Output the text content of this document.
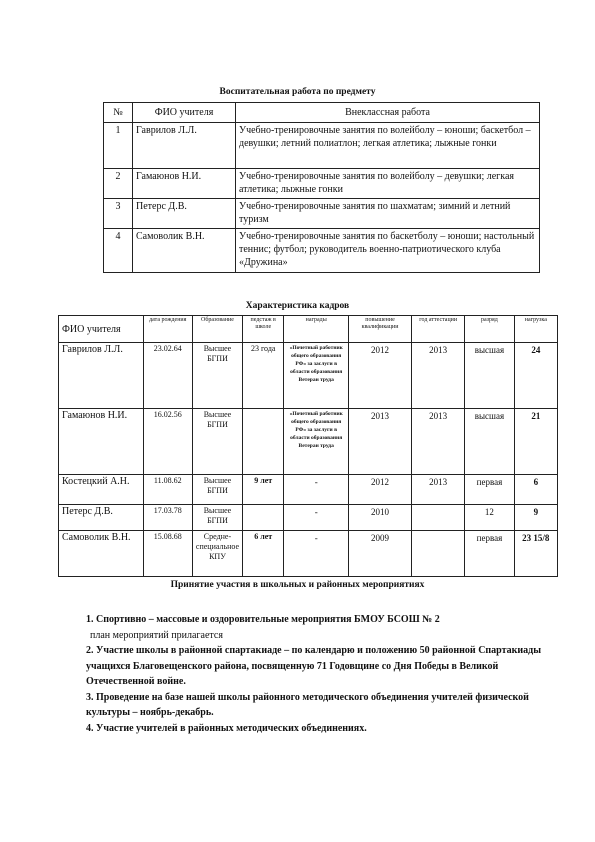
Воспитательная работа по предмету
№	ФИО учителя	Внеклассная работа
1	Гаврилов Л.Л.	Учебно-тренировочные занятия по волейболу – юноши; баскетбол – девушки; летний полиатлон; легкая атлетика; лыжные гонки
2	Гамаюнов Н.И.	Учебно-тренировочные занятия по волейболу – девушки; легкая атлетика; лыжные гонки
3	Петерс Д.В.	Учебно-тренировочные занятия по шахматам; зимний и летний туризм
4	Самоволик В.Н.	Учебно-тренировочные занятия по баскетболу – юноши; настольный теннис; футбол; руководитель военно-патриотического клуба «Дружина»
Характеристика кадров
ФИО учителя	дата рождения	Образование	педстаж в школе	награды	повышение квалификации	год аттестации	разряд	нагрузка
Гаврилов Л.Л.	23.02.64	Высшее БГПИ	23 года	«Почетный работник общего образования РФ» за заслуги в области образования Ветеран труда	2012	2013	высшая	24
Гамаюнов Н.И.	16.02.56	Высшее БГПИ		«Почетный работник общего образования РФ» за заслуги в области образования Ветеран труда	2013	2013	высшая	21
Костецкий А.Н.	11.08.62	Высшее БГПИ	9 лет	-	2012	2013	первая	6
Петерс Д.В.	17.03.78	Высшее БГПИ		-	2010		12	9
Самоволик В.Н.	15.08.68	Средне-специальное КПУ	6 лет	-	2009		первая	23 15/8
Принятие участия в школьных и районных мероприятиях

1. Спортивно – массовые и оздоровительные мероприятия БМОУ БСОШ № 2

план мероприятий прилагается

2. Участие школы в районной спартакиаде – по календарю и положению 50 районной Спартакиады учащихся Благовещенского района, посвященную 71 Годовщине со Дня Победы в Великой Отечественной войне.

3. Проведение на базе нашей школы районного методического объединения учителей физической культуры – ноябрь-декабрь.

4. Участие учителей в районных методических объединениях.
